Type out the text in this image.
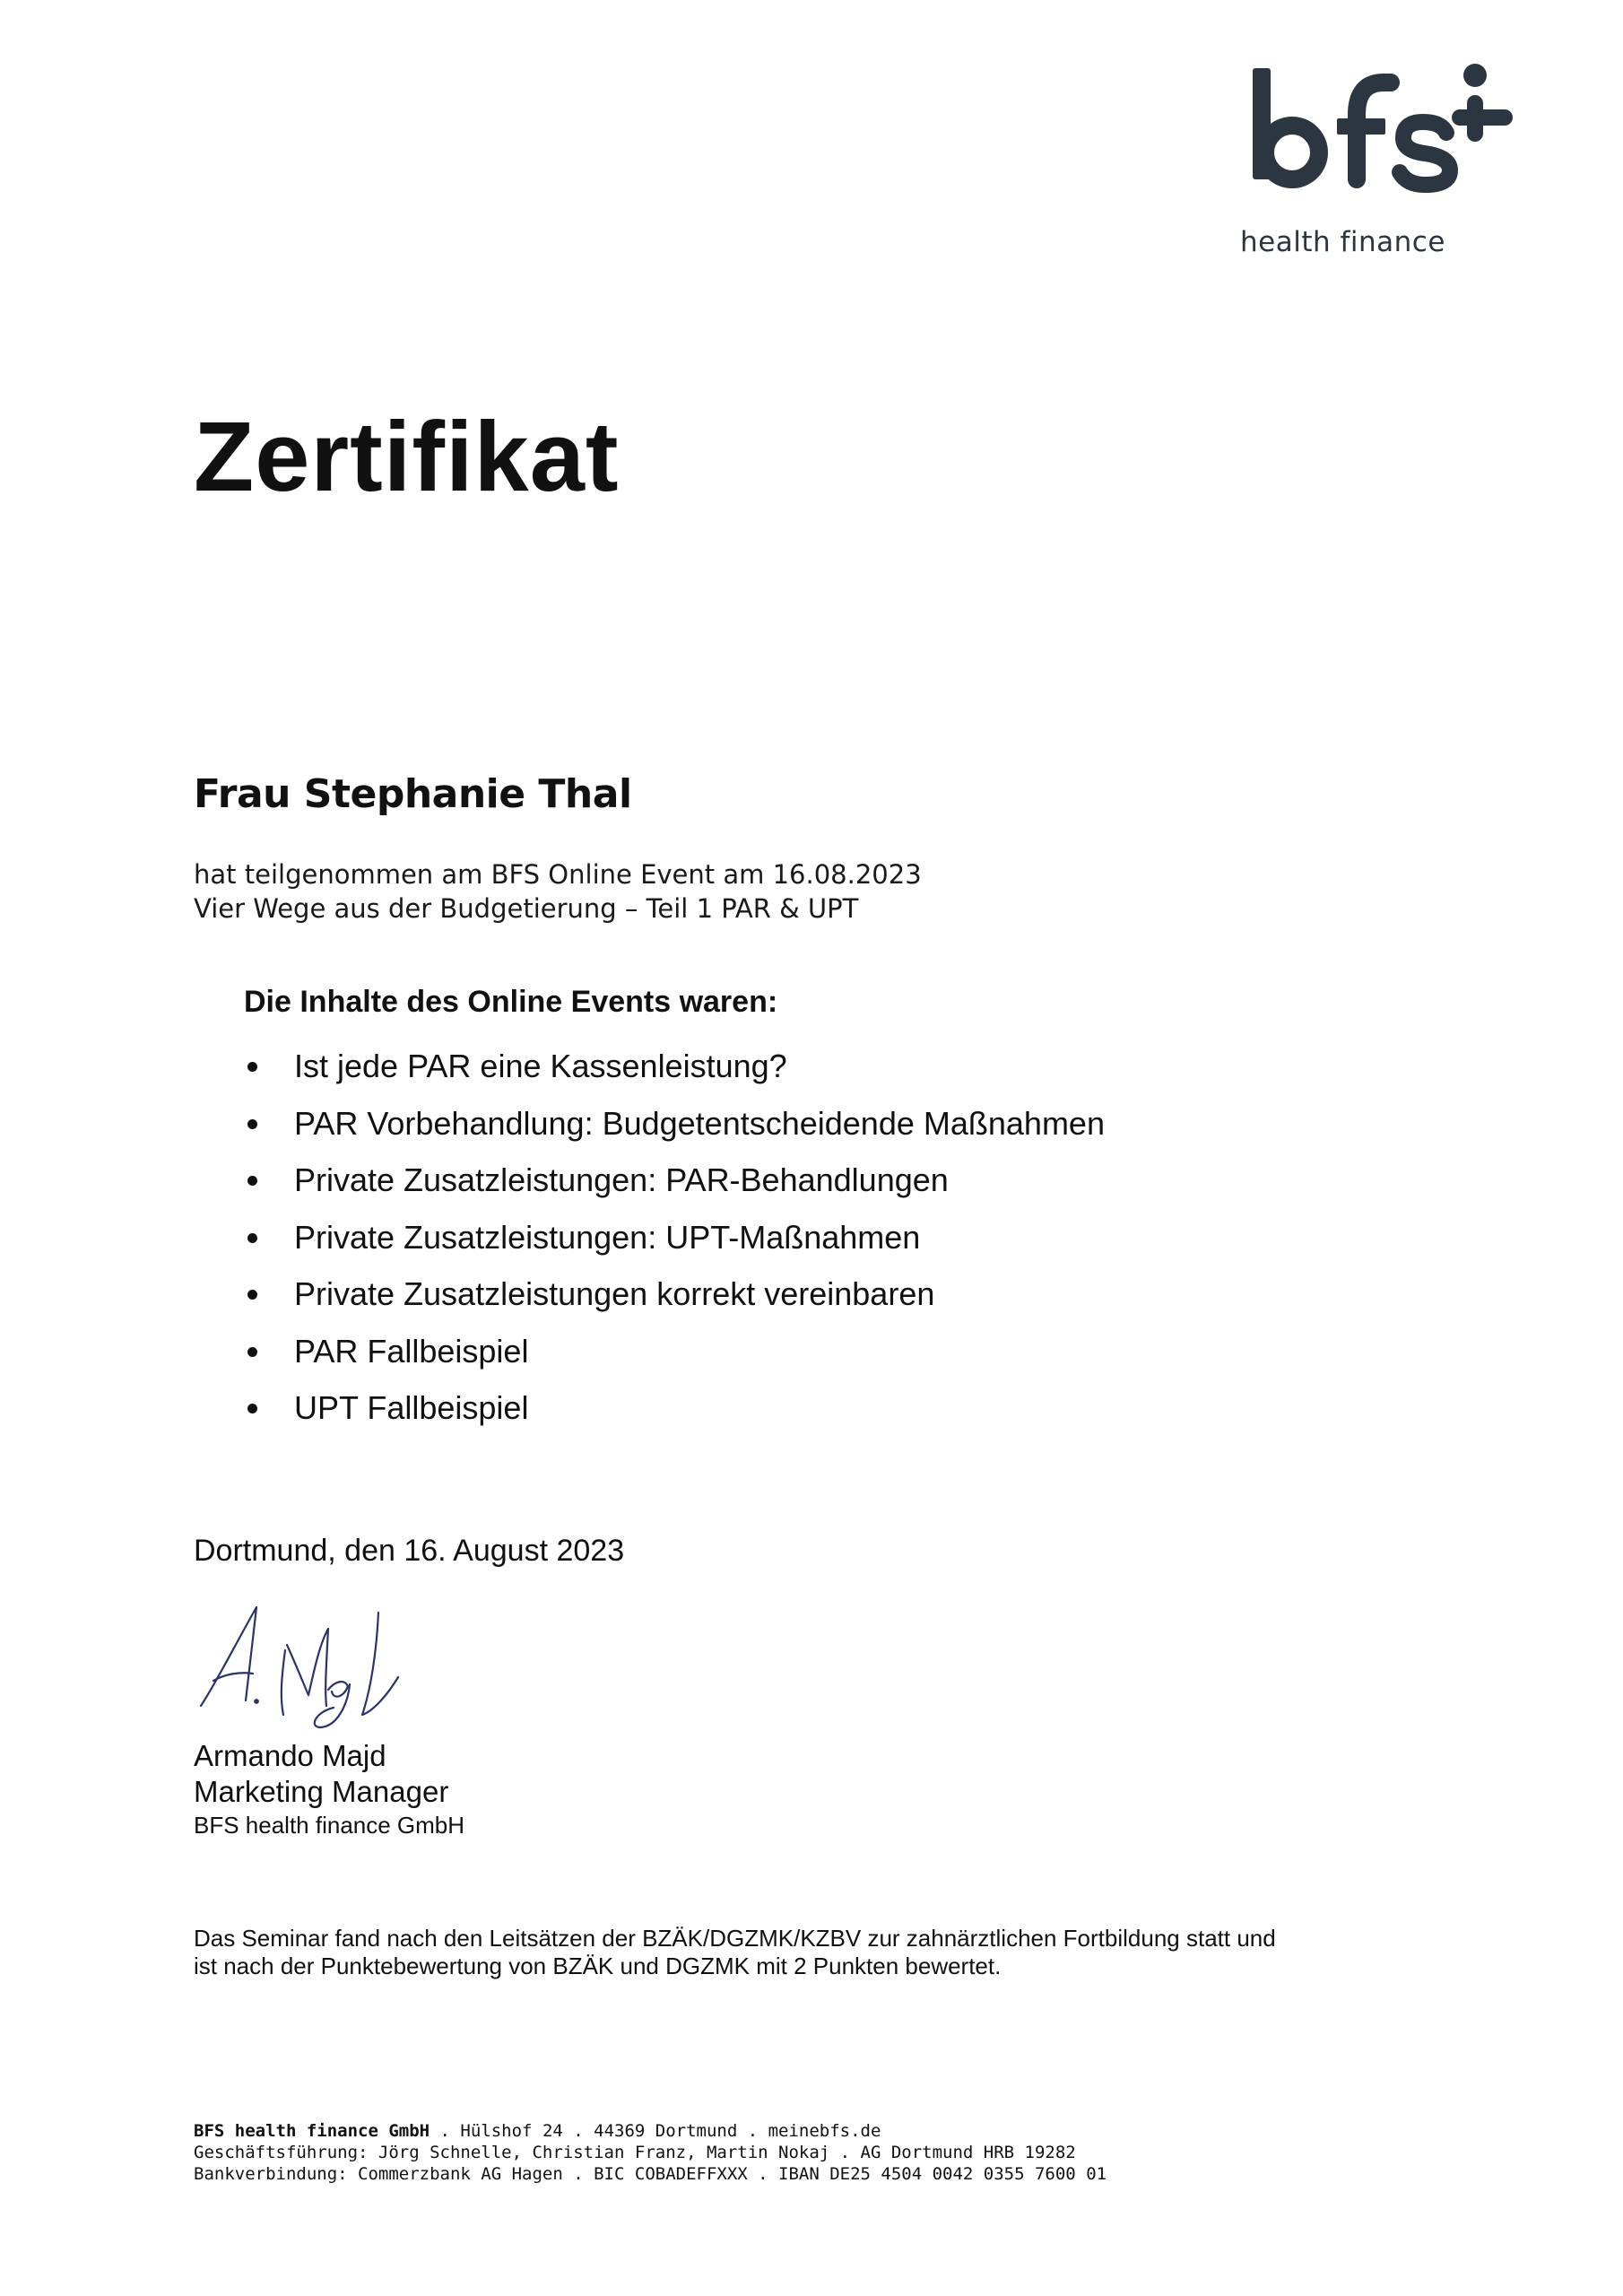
health finance
Zertifikat
Frau Stephanie Thal
hat teilgenommen am BFS Online Event am 16.08.2023
Vier Wege aus der Budgetierung – Teil 1 PAR & UPT
Die Inhalte des Online Events waren:
Ist jede PAR eine Kassenleistung?
PAR Vorbehandlung: Budgetentscheidende Maßnahmen
Private Zusatzleistungen: PAR-Behandlungen
Private Zusatzleistungen: UPT-Maßnahmen
Private Zusatzleistungen korrekt vereinbaren
PAR Fallbeispiel
UPT Fallbeispiel
Dortmund, den 16. August 2023
Armando Majd
Marketing Manager
BFS health finance GmbH
Das Seminar fand nach den Leitsätzen der BZÄK/DGZMK/KZBV zur zahnärztlichen Fortbildung statt und
ist nach der Punktebewertung von BZÄK und DGZMK mit 2 Punkten bewertet.
BFS health finance GmbH . Hülshof 24 . 44369 Dortmund . meinebfs.de
Geschäftsführung: Jörg Schnelle, Christian Franz, Martin Nokaj . AG Dortmund HRB 19282
Bankverbindung: Commerzbank AG Hagen . BIC COBADEFFXXX . IBAN DE25 4504 0042 0355 7600 01
